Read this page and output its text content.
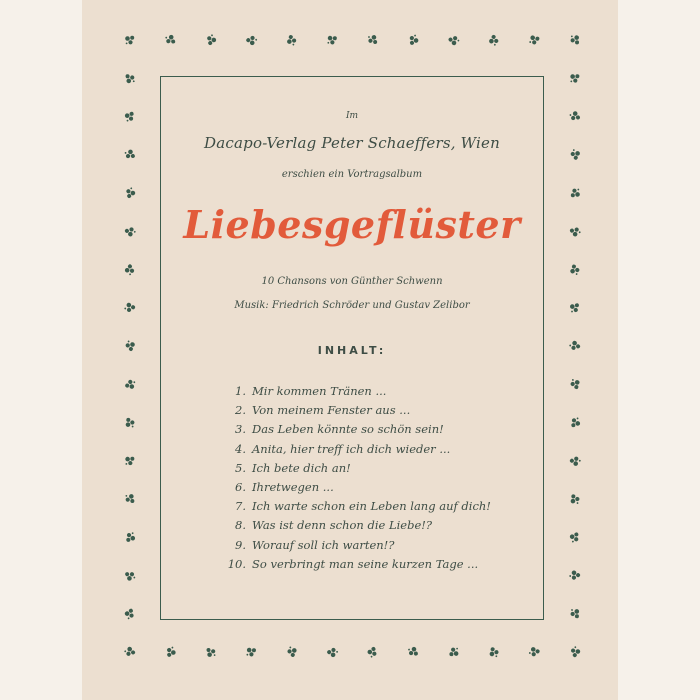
Im
Dacapo-Verlag Peter Schaeffers, Wien
erschien ein Vortragsalbum
Liebesgeflüster
10 Chansons von Günther Schwenn
Musik: Friedrich Schröder und Gustav Zelibor
INHALT:
1. Mir kommen Tränen ...
2. Von meinem Fenster aus ...
3. Das Leben könnte so schön sein!
4. Anita, hier treff ich dich wieder ...
5. Ich bete dich an!
6. Ihretwegen ...
7. Ich warte schon ein Leben lang auf dich!
8. Was ist denn schon die Liebe!?
9. Worauf soll ich warten!?
10. So verbringt man seine kurzen Tage ...
